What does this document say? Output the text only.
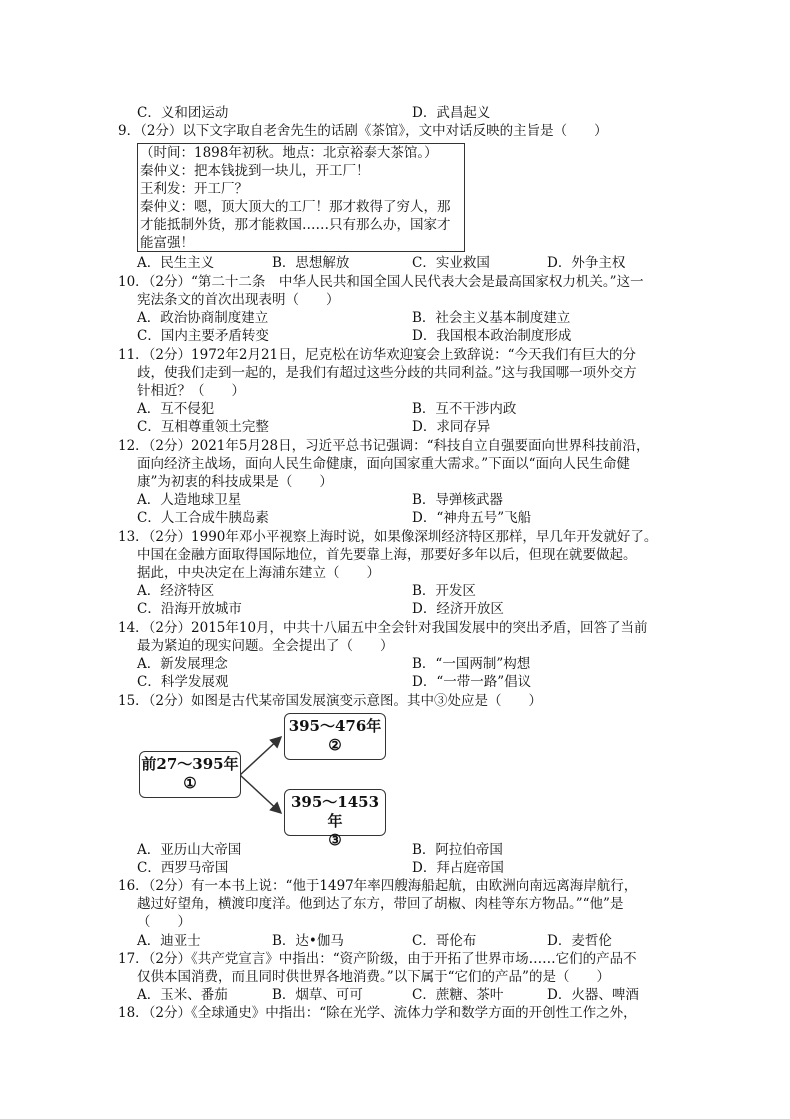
C．义和团运动	D．武昌起义
9．（2分）以下文字取自老舍先生的话剧《茶馆》，文中对话反映的主旨是（　　）
（时间：1898年初秋。地点：北京裕泰大茶馆。）
秦仲义：把本钱拢到一块儿，开工厂！
王利发：开工厂？
秦仲义：嗯，顶大顶大的工厂！那才救得了穷人，那
才能抵制外货，那才能救国……只有那么办，国家才
能富强！
A．民生主义	B．思想解放	C．实业救国	D．外争主权
10．（2分）“第二十二条　中华人民共和国全国人民代表大会是最高国家权力机关。”这一
宪法条文的首次出现表明（　　）
A．政治协商制度建立	B．社会主义基本制度建立
C．国内主要矛盾转变	D．我国根本政治制度形成
11．（2分）1972年2月21日，尼克松在访华欢迎宴会上致辞说：“今天我们有巨大的分
歧，使我们走到一起的，是我们有超过这些分歧的共同利益。”这与我国哪一项外交方
针相近？（　　）
A．互不侵犯	B．互不干涉内政
C．互相尊重领土完整	D．求同存异
12．（2分）2021年5月28日，习近平总书记强调：“科技自立自强要面向世界科技前沿，
面向经济主战场，面向人民生命健康，面向国家重大需求。”下面以“面向人民生命健
康”为初衷的科技成果是（　　）
A．人造地球卫星	B．导弹核武器
C．人工合成牛胰岛素	D．“神舟五号”飞船
13．（2分）1990年邓小平视察上海时说，如果像深圳经济特区那样，早几年开发就好了。
中国在金融方面取得国际地位，首先要靠上海，那要好多年以后，但现在就要做起。
据此，中央决定在上海浦东建立（　　）
A．经济特区	B．开发区
C．沿海开放城市	D．经济开放区
14．（2分）2015年10月，中共十八届五中全会针对我国发展中的突出矛盾，回答了当前
最为紧迫的现实问题。全会提出了（　　）
A．新发展理念	B．“一国两制”构想
C．科学发展观	D．“一带一路”倡议
15．（2分）如图是古代某帝国发展演变示意图。其中③处应是（　　）
前27～395年
①
395～476年
②
395～1453年
③
A．亚历山大帝国	B．阿拉伯帝国
C．西罗马帝国	D．拜占庭帝国
16．（2分）有一本书上说：“他于1497年率四艘海船起航，由欧洲向南远离海岸航行，
越过好望角，横渡印度洋。他到达了东方，带回了胡椒、肉桂等东方物品。”“他”是
（　　）
A．迪亚士	B．达•伽马	C．哥伦布	D．麦哲伦
17．（2分）《共产党宣言》中指出：“资产阶级，由于开拓了世界市场……它们的产品不
仅供本国消费，而且同时供世界各地消费。”以下属于“它们的产品”的是（　　）
A．玉米、番茄	B．烟草、可可	C．蔗糖、茶叶	D．火器、啤酒
18．（2分）《全球通史》中指出：“除在光学、流体力学和数学方面的开创性工作之外，
